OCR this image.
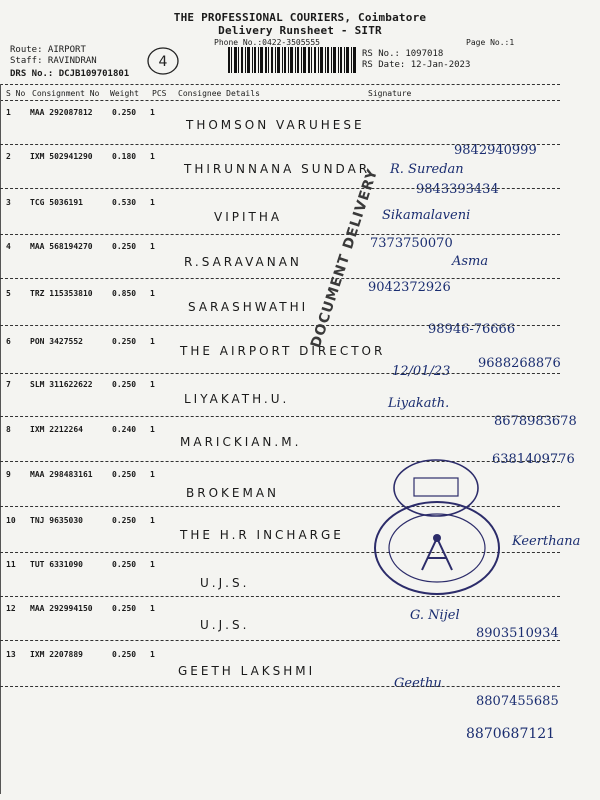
THE PROFESSIONAL COURIERS, Coimbatore
Delivery Runsheet - SITR
Phone No.:0422-3505555	Page No.:1
Route: AIRPORT
Staff: RAVINDRAN
DRS No.: DCJB109701801
RS No.: 1097018
RS Date: 12-Jan-2023
4
S No Consignment No Weight PCS Consignee Details	Signature
1 MAA 292087812 0.250 1
THOMSON VARUHESE
9842940999
2 IXM 502941290 0.180 1
THIRUNNANA SUNDAR R. Suredan
9843393434
3 TCG 5036191	0.530 1
VIPITHA	Sikamalaveni
7373750070
4 MAA 568194270 0.250 1
R.SARAVANAN	Asma
9042372926
5 TRZ 115353810 0.850 1
SARASHWATHI
98946-76666
6 PON 3427552	0.250 1
THE AIRPORT DIRECTOR
12/01/23
9688268876
7 SLM 311622622 0.250 1
LIYAKATH.U.	Liyakath.
8678983678
8 IXM 2212264	0.240 1
MARICKIAN.M.
6381409776
9 MAA 298483161 0.250 1
BROKEMAN
10 TNJ 9635030	0.250 1
THE H.R INCHARGE	Keerthana
11 TUT 6331090	0.250 1
U.J.S.
12 MAA 292994150 0.250 1
U.J.S.
G. Nijel
8903510934
13 IXM 2207889	0.250 1
GEETH LAKSHMI
Geethu
8807455685
8870687121
DOCUMENT DELIVERY
